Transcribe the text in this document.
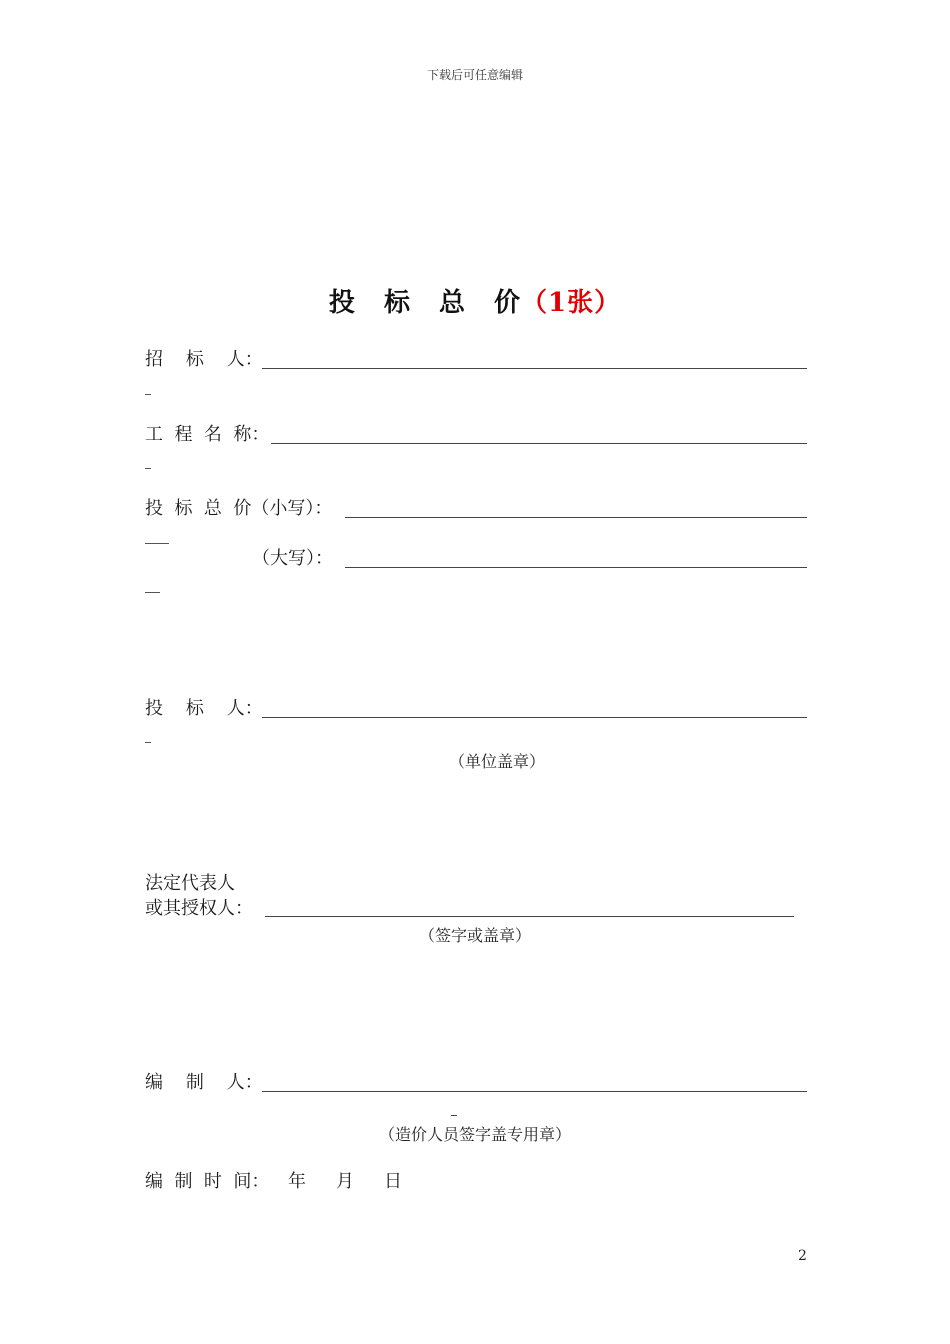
下载后可任意编辑
投 标 总 价（1张）
招    标    人：
工  程  名  称：
投  标  总  价（小写）：
（大写）：
投    标    人：
（单位盖章）
法定代表人
或其授权人：
（签字或盖章）
编    制    人：
（造价人员签字盖专用章）
编  制  时  间： 年 月 日
2
